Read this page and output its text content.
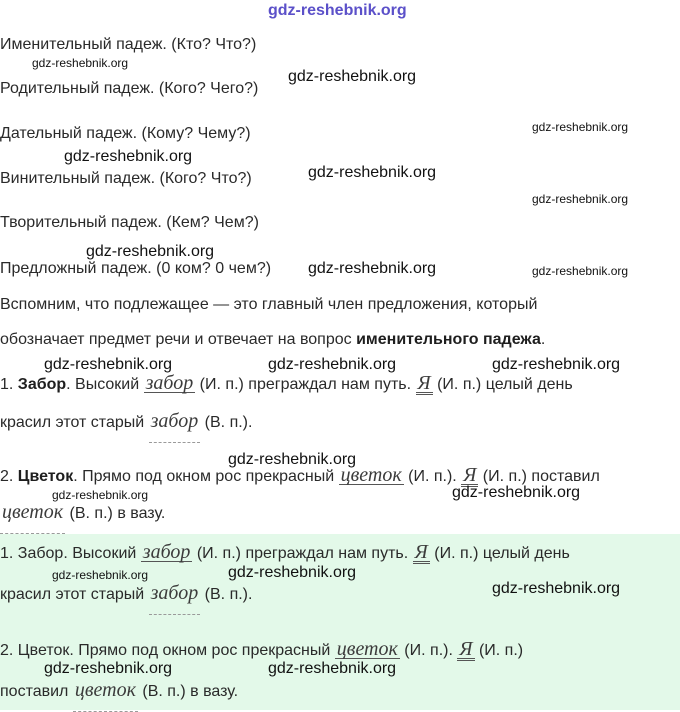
gdz-reshebnik.org
Именительный падеж. (Кто? Что?)
gdz-reshebnik.org
Родительный падеж. (Кого? Чего?)
gdz-reshebnik.org
Дательный падеж. (Кому? Чему?)	gdz-reshebnik.org
gdz-reshebnik.org
Винительный падеж. (Кого? Что?)	gdz-reshebnik.org
gdz-reshebnik.org
Творительный падеж. (Кем? Чем?)
gdz-reshebnik.org
Предложный падеж. (0 ком? 0 чем?) gdz-reshebnik.org	gdz-reshebnik.org
Вспомним, что подлежащее — это главный член предложения, который
обозначает предмет речи и отвечает на вопрос именительного падежа.
gdz-reshebnik.org	gdz-reshebnik.org	gdz-reshebnik.org
1. Забор. Высокий забор (И. п.) преграждал нам путь. Я (И. п.) целый день
красил этот старый забор (В. п.).
gdz-reshebnik.org
2. Цветок. Прямо под окном рос прекрасный цветок (И. п.). Я (И. п.) поставил
gdz-reshebnik.org	gdz-reshebnik.org
цветок (В. п.) в вазу.
1. Забор. Высокий забор (И. п.) преграждал нам путь. Я (И. п.) целый день
gdz-reshebnik.org	gdz-reshebnik.org
красил этот старый забор (В. п.).	gdz-reshebnik.org
2. Цветок. Прямо под окном рос прекрасный цветок (И. п.). Я (И. п.)
gdz-reshebnik.org	gdz-reshebnik.org
поставил цветок (В. п.) в вазу.
